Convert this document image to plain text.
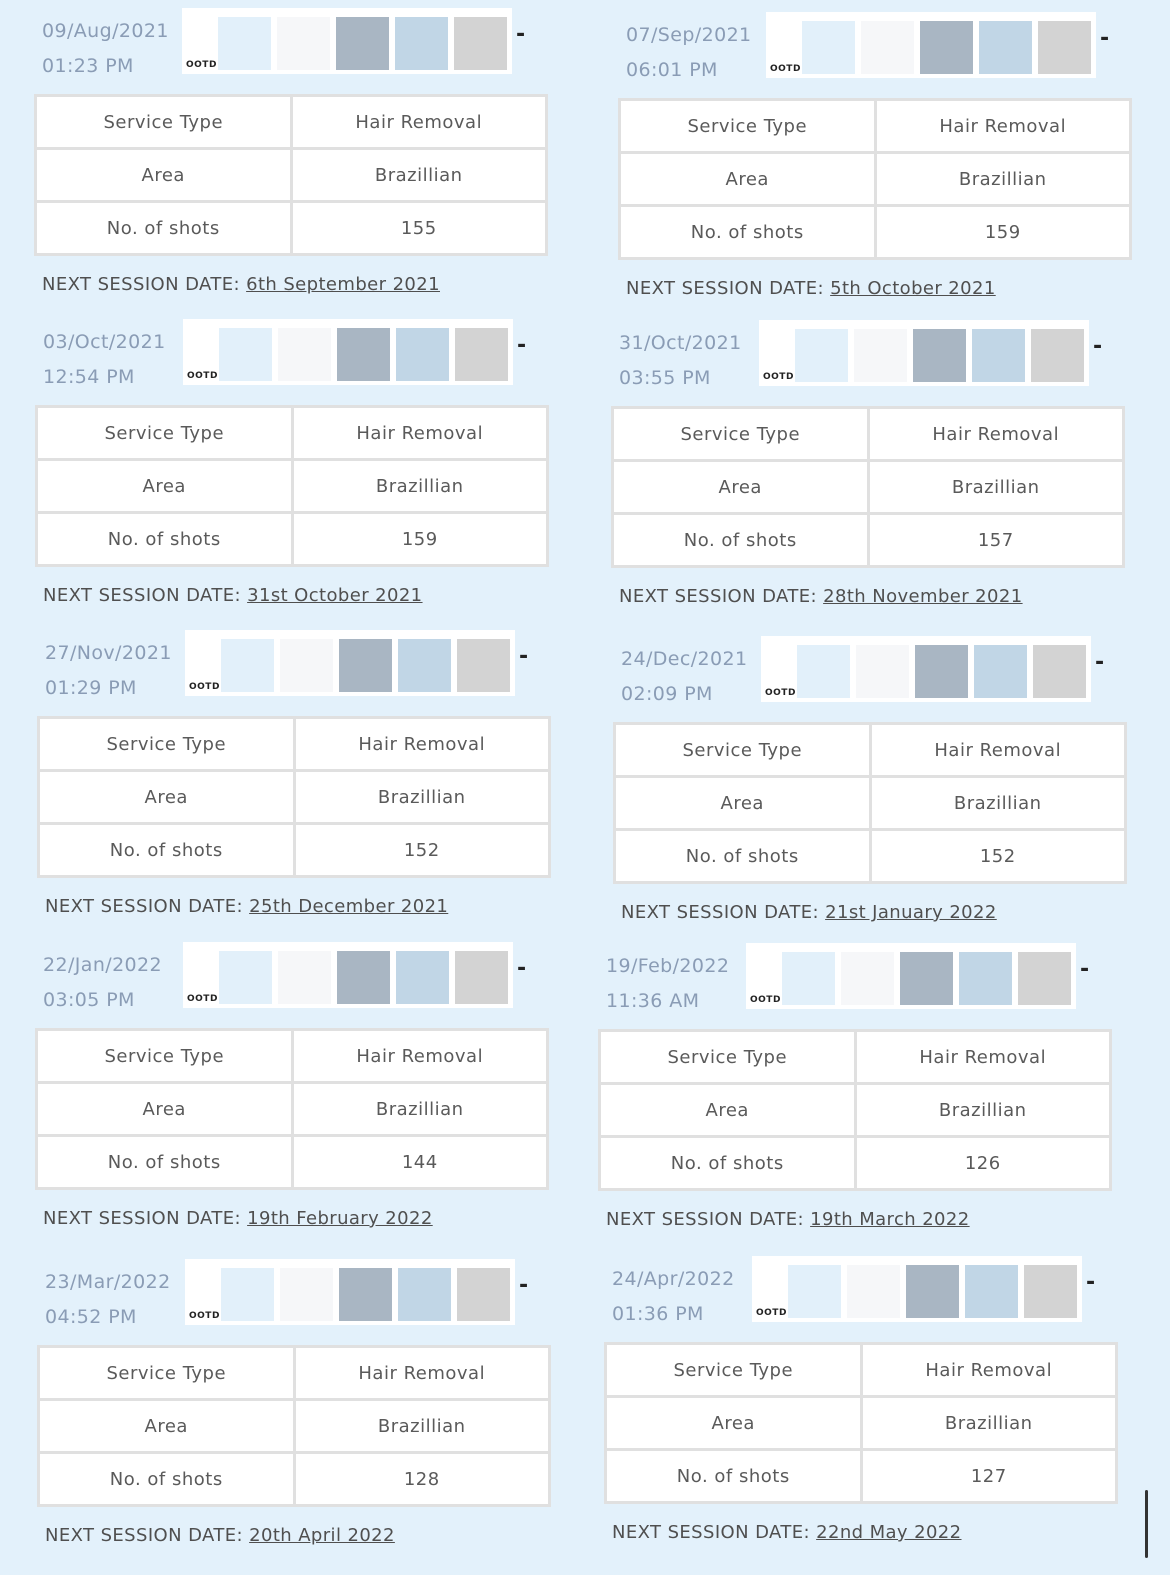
09/Aug/2021
01:23 PM	OOTD
-
Service Type	Hair Removal
Area	Brazillian
No. of shots	155
NEXT SESSION DATE: 6th September 2021
07/Sep/2021
06:01 PM	OOTD
-
Service Type	Hair Removal
Area	Brazillian
No. of shots	159
NEXT SESSION DATE: 5th October 2021
03/Oct/2021
12:54 PM	OOTD
-
Service Type	Hair Removal
Area	Brazillian
No. of shots	159
NEXT SESSION DATE: 31st October 2021
31/Oct/2021
03:55 PM	OOTD
-
Service Type	Hair Removal
Area	Brazillian
No. of shots	157
NEXT SESSION DATE: 28th November 2021
27/Nov/2021
01:29 PM	OOTD
-
Service Type	Hair Removal
Area	Brazillian
No. of shots	152
NEXT SESSION DATE: 25th December 2021
24/Dec/2021
02:09 PM	OOTD
-
Service Type	Hair Removal
Area	Brazillian
No. of shots	152
NEXT SESSION DATE: 21st January 2022
22/Jan/2022
03:05 PM	OOTD
-
Service Type	Hair Removal
Area	Brazillian
No. of shots	144
NEXT SESSION DATE: 19th February 2022
19/Feb/2022
11:36 AM	OOTD
-
Service Type	Hair Removal
Area	Brazillian
No. of shots	126
NEXT SESSION DATE: 19th March 2022
23/Mar/2022
04:52 PM	OOTD
-
Service Type	Hair Removal
Area	Brazillian
No. of shots	128
NEXT SESSION DATE: 20th April 2022
24/Apr/2022
01:36 PM	OOTD
-
Service Type	Hair Removal
Area	Brazillian
No. of shots	127
NEXT SESSION DATE: 22nd May 2022
